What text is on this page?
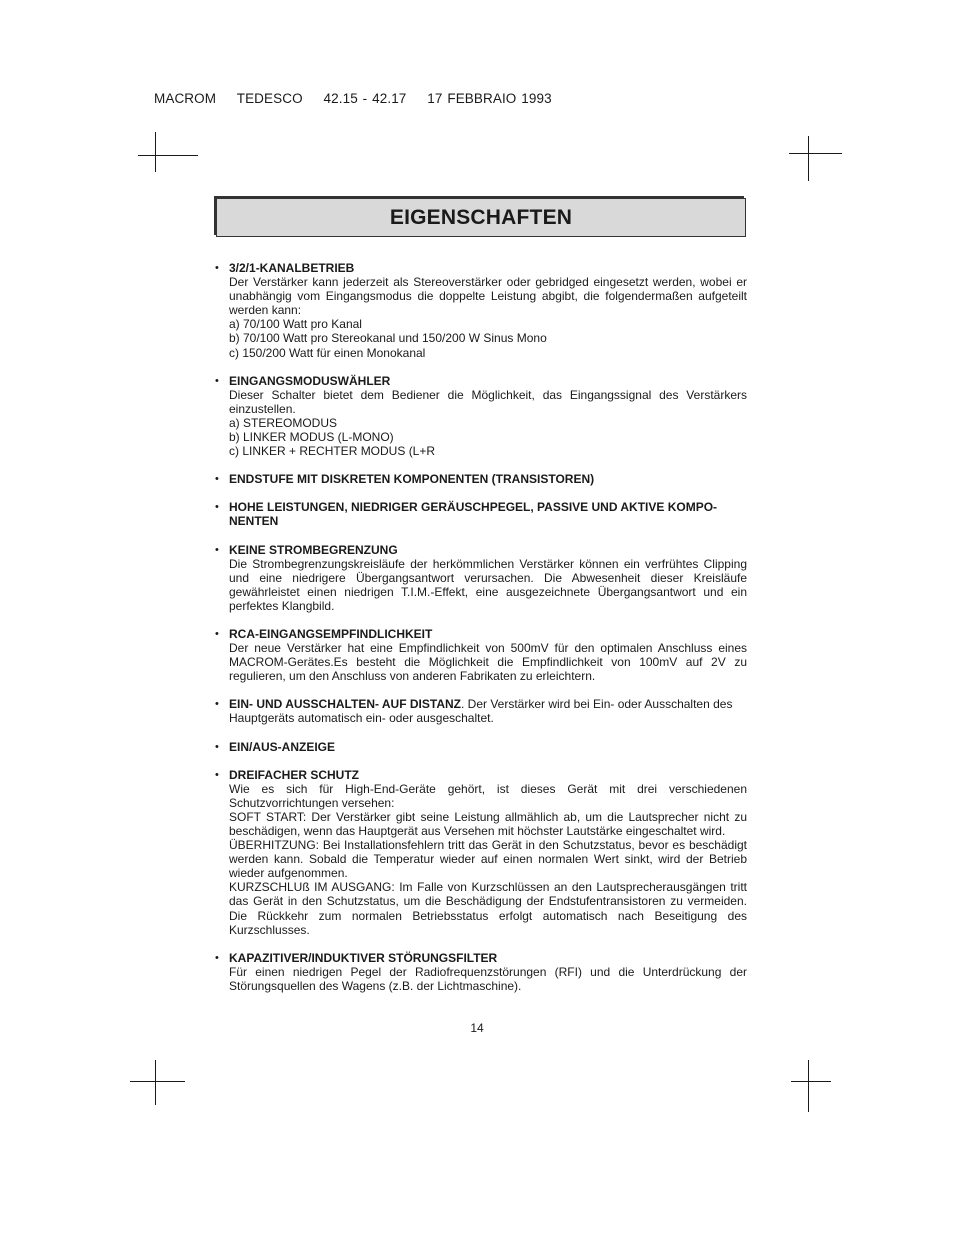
MACROM TEDESCO 42.15 - 42.17 17 FEBBRAIO 1993
EIGENSCHAFTEN
• 3/2/1-KANALBETRIEB
Der Verstärker kann jederzeit als Stereoverstärker oder gebridged eingesetzt werden, wobei er unabhängig vom Eingangsmodus die doppelte Leistung abgibt, die folgendermaßen aufgeteilt werden kann:
a) 70/100 Watt pro Kanal
b) 70/100 Watt pro Stereokanal und 150/200 W Sinus Mono
c) 150/200 Watt für einen Monokanal
• EINGANGSMODUSWÄHLER
Dieser Schalter bietet dem Bediener die Möglichkeit, das Eingangssignal des Verstärkers einzustellen.
a) STEREOMODUS
b) LINKER MODUS (L-MONO)
c) LINKER + RECHTER MODUS (L+R
• ENDSTUFE MIT DISKRETEN KOMPONENTEN (TRANSISTOREN)
• HOHE LEISTUNGEN, NIEDRIGER GERÄUSCHPEGEL, PASSIVE UND AKTIVE KOMPO-NENTEN
• KEINE STROMBEGRENZUNG
Die Strombegrenzungskreisläufe der herkömmlichen Verstärker können ein verfrühtes Clipping und eine niedrigere Übergangsantwort verursachen. Die Abwesenheit dieser Kreisläufe gewährleistet einen niedrigen T.I.M.-Effekt, eine ausgezeichnete Übergangsantwort und ein perfektes Klangbild.
• RCA-EINGANGSEMPFINDLICHKEIT
Der neue Verstärker hat eine Empfindlichkeit von 500mV für den optimalen Anschluss eines MACROM-Gerätes.Es besteht die Möglichkeit die Empfindlichkeit von 100mV auf 2V zu regulieren, um den Anschluss von anderen Fabrikaten zu erleichtern.
• EIN- UND AUSSCHALTEN- AUF DISTANZ. Der Verstärker wird bei Ein- oder Ausschalten des Hauptgeräts automatisch ein- oder ausgeschaltet.
• EIN/AUS-ANZEIGE
• DREIFACHER SCHUTZ
Wie es sich für High-End-Geräte gehört, ist dieses Gerät mit drei verschiedenen Schutzvorrichtungen versehen:
SOFT START: Der Verstärker gibt seine Leistung allmählich ab, um die Lautsprecher nicht zu beschädigen, wenn das Hauptgerät aus Versehen mit höchster Lautstärke eingeschaltet wird.
ÜBERHITZUNG: Bei Installationsfehlern tritt das Gerät in den Schutzstatus, bevor es beschädigt werden kann. Sobald die Temperatur wieder auf einen normalen Wert sinkt, wird der Betrieb wieder aufgenommen.
KURZSCHLUß IM AUSGANG: Im Falle von Kurzschlüssen an den Lautsprecherausgängen tritt das Gerät in den Schutzstatus, um die Beschädigung der Endstufentransistoren zu vermeiden. Die Rückkehr zum normalen Betriebsstatus erfolgt automatisch nach Beseitigung des Kurzschlusses.
• KAPAZITIVER/INDUKTIVER STÖRUNGSFILTER
Für einen niedrigen Pegel der Radiofrequenzstörungen (RFI) und die Unterdrückung der Störungsquellen des Wagens (z.B. der Lichtmaschine).
14
